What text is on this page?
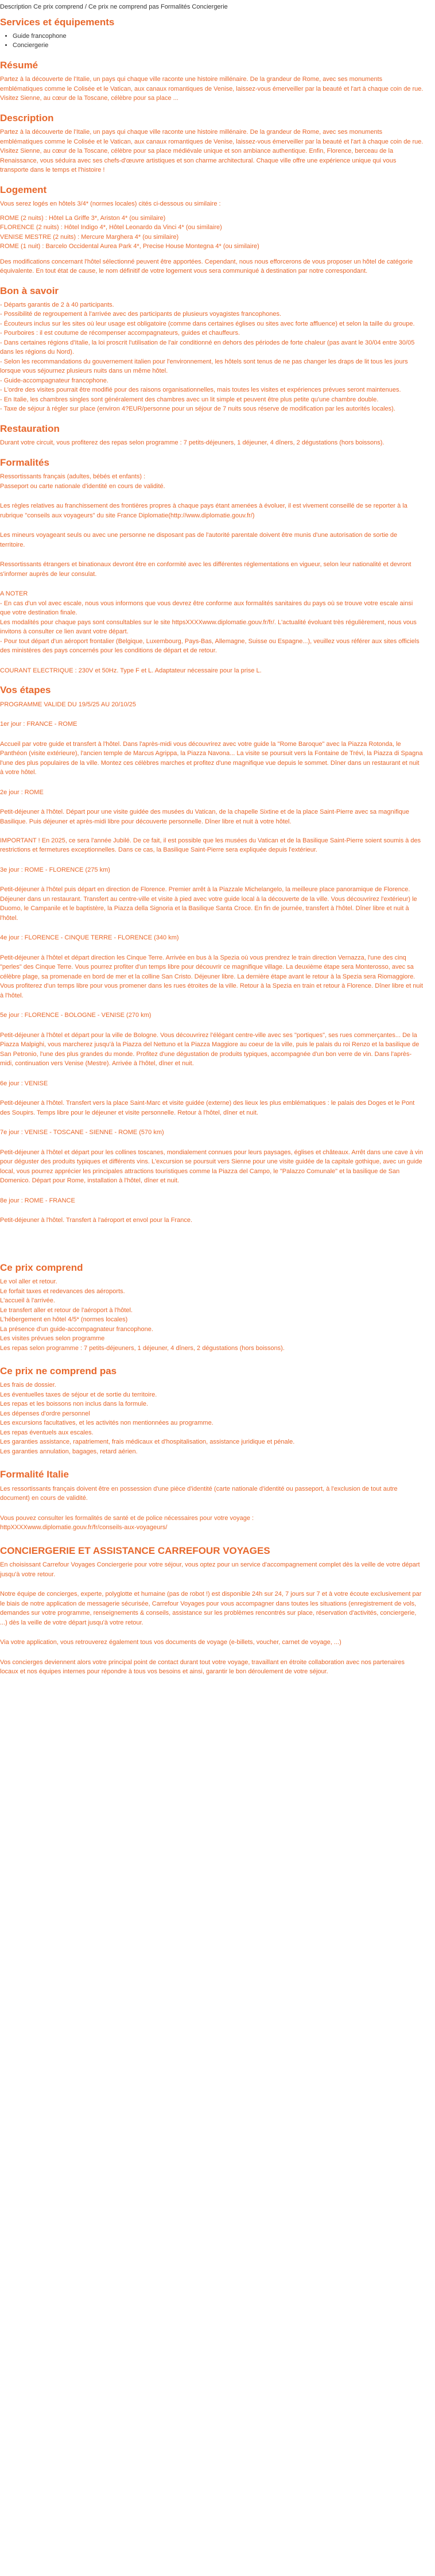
Description Ce prix comprend / Ce prix ne comprend pas Formalités Conciergerie
Services et équipements
• Guide francophone
• Conciergerie
Résumé

Partez à la découverte de l'Italie, un pays qui chaque ville raconte une histoire millénaire. De la grandeur de Rome, avec ses monuments emblématiques comme le Colisée et le Vatican, aux canaux romantiques de Venise, laissez-vous émerveiller par la beauté et l'art à chaque coin de rue. Visitez Sienne, au cœur de la Toscane, célèbre pour sa place ...

Description

Partez à la découverte de l'Italie, un pays qui chaque ville raconte une histoire millénaire. De la grandeur de Rome, avec ses monuments emblématiques comme le Colisée et le Vatican, aux canaux romantiques de Venise, laissez-vous émerveiller par la beauté et l'art à chaque coin de rue. Visitez Sienne, au cœur de la Toscane, célèbre pour sa place médiévale unique et son ambiance authentique. Enfin, Florence, berceau de la Renaissance, vous séduira avec ses chefs-d'œuvre artistiques et son charme architectural. Chaque ville offre une expérience unique qui vous transporte dans le temps et l'histoire !

Logement

Vous serez logés en hôtels 3/4* (normes locales) cités ci-dessous ou similaire :

ROME (2 nuits) : Hôtel La Griffe 3*, Ariston 4* (ou similaire)
FLORENCE (2 nuits) : Hôtel Indigo 4*, Hôtel Leonardo da Vinci 4* (ou similaire)
VENISE MESTRE (2 nuits) : Mercure Marghera 4* (ou similaire)
ROME (1 nuit) : Barcelo Occidental Aurea Park 4*, Precise House Montegna 4* (ou similaire)

Des modifications concernant l'hôtel sélectionné peuvent être apportées. Cependant, nous nous efforcerons de vous proposer un hôtel de catégorie équivalente. En tout état de cause, le nom définitif de votre logement vous sera communiqué à destination par notre correspondant.

Bon à savoir
- Départs garantis de 2 à 40 participants.
- Possibilité de regroupement à l'arrivée avec des participants de plusieurs voyagistes francophones.
- Écouteurs inclus sur les sites où leur usage est obligatoire (comme dans certaines églises ou sites avec forte affluence) et selon la taille du groupe.
- Pourboires : il est coutume de récompenser accompagnateurs, guides et chauffeurs.
- Dans certaines régions d'Italie, la loi proscrit l'utilisation de l'air conditionné en dehors des périodes de forte chaleur (pas avant le 30/04 entre 30/05 dans les régions du Nord).
- Selon les recommandations du gouvernement italien pour l'environnement, les hôtels sont tenus de ne pas changer les draps de lit tous les jours lorsque vous séjournez plusieurs nuits dans un même hôtel.
- Guide-accompagnateur francophone.
- L'ordre des visites pourrait être modifié pour des raisons organisationnelles, mais toutes les visites et expériences prévues seront maintenues.
- En Italie, les chambres singles sont généralement des chambres avec un lit simple et peuvent être plus petite qu'une chambre double.
- Taxe de séjour à régler sur place (environ 4?EUR/personne pour un séjour de 7 nuits sous réserve de modification par les autorités locales).
Restauration

Durant votre circuit, vous profiterez des repas selon programme : 7 petits-déjeuners, 1 déjeuner, 4 dîners, 2 dégustations (hors boissons).

Formalités

Ressortissants français (adultes, bébés et enfants) :
Passeport ou carte nationale d'identité en cours de validité.

Les règles relatives au franchissement des frontières propres à chaque pays étant amenées à évoluer, il est vivement conseillé de se reporter à la rubrique "conseils aux voyageurs" du site France Diplomatie(http://www.diplomatie.gouv.fr/)

Les mineurs voyageant seuls ou avec une personne ne disposant pas de l'autorité parentale doivent être munis d'une autorisation de sortie de territoire.

Ressortissants étrangers et binationaux devront être en conformité avec les différentes réglementations en vigueur, selon leur nationalité et devront s'informer auprès de leur consulat.

A NOTER
- En cas d'un vol avec escale, nous vous informons que vous devrez être conforme aux formalités sanitaires du pays où se trouve votre escale ainsi que votre destination finale.
Les modalités pour chaque pays sont consultables sur le site httpsXXXXwww.diplomatie.gouv.fr/fr/. L'actualité évoluant très régulièrement, nous vous invitons à consulter ce lien avant votre départ.
- Pour tout départ d'un aéroport frontalier (Belgique, Luxembourg, Pays-Bas, Allemagne, Suisse ou Espagne...), veuillez vous référer aux sites officiels des ministères des pays concernés pour les conditions de départ et de retour.

COURANT ELECTRIQUE : 230V et 50Hz. Type F et L. Adaptateur nécessaire pour la prise L.

Vos étapes

PROGRAMME VALIDE DU 19/5/25 AU 20/10/25

1er jour : FRANCE - ROME

Accueil par votre guide et transfert à l'hôtel. Dans l'après-midi vous découvrirez avec votre guide la "Rome Baroque" avec la Piazza Rotonda, le Panthéon (visite extérieure), l'ancien temple de Marcus Agrippa, la Piazza Navona... La visite se poursuit vers la Fontaine de Trévi, la Piazza di Spagna l'une des plus populaires de la ville. Montez ces célèbres marches et profitez d'une magnifique vue depuis le sommet. Dîner dans un restaurant et nuit à votre hôtel.

2e jour : ROME

Petit-déjeuner à l'hôtel. Départ pour une visite guidée des musées du Vatican, de la chapelle Sixtine et de la place Saint-Pierre avec sa magnifique Basilique. Puis déjeuner et après-midi libre pour découverte personnelle. Dîner libre et nuit à votre hôtel.

IMPORTANT ! En 2025, ce sera l'année Jubilé. De ce fait, il est possible que les musées du Vatican et de la Basilique Saint-Pierre soient soumis à des restrictions et fermetures exceptionnelles. Dans ce cas, la Basilique Saint-Pierre sera expliquée depuis l'extérieur.

3e jour : ROME - FLORENCE (275 km)

Petit-déjeuner à l'hôtel puis départ en direction de Florence. Premier arrêt à la Piazzale Michelangelo, la meilleure place panoramique de Florence. Déjeuner dans un restaurant. Transfert au centre-ville et visite à pied avec votre guide local à la découverte de la ville. Vous découvrirez l'extérieur) le Duomo, le Campanile et le baptistère, la Piazza della Signoria et la Basilique Santa Croce. En fin de journée, transfert à l'hôtel. Dîner libre et nuit à l'hôtel.

4e jour : FLORENCE - CINQUE TERRE - FLORENCE (340 km)

Petit-déjeuner à l'hôtel et départ direction les Cinque Terre. Arrivée en bus à la Spezia où vous prendrez le train direction Vernazza, l'une des cinq "perles" des Cinque Terre. Vous pourrez profiter d'un temps libre pour découvrir ce magnifique village. La deuxième étape sera Monterosso, avec sa célèbre plage, sa promenade en bord de mer et la colline San Cristo. Déjeuner libre. La dernière étape avant le retour à la Spezia sera Riomaggiore. Vous profiterez d'un temps libre pour vous promener dans les rues étroites de la ville. Retour à la Spezia en train et retour à Florence. Dîner libre et nuit à l'hôtel.

5e jour : FLORENCE - BOLOGNE - VENISE (270 km)

Petit-déjeuner à l'hôtel et départ pour la ville de Bologne. Vous découvrirez l'élégant centre-ville avec ses "portiques", ses rues commerçantes... De la Piazza Malpighi, vous marcherez jusqu'à la Piazza del Nettuno et la Piazza Maggiore au coeur de la ville, puis le palais du roi Renzo et la basilique de San Petronio, l'une des plus grandes du monde. Profitez d'une dégustation de produits typiques, accompagnée d'un bon verre de vin. Dans l'après-midi, continuation vers Venise (Mestre). Arrivée à l'hôtel, dîner et nuit.

6e jour : VENISE

Petit-déjeuner à l'hôtel. Transfert vers la place Saint-Marc et visite guidée (externe) des lieux les plus emblématiques : le palais des Doges et le Pont des Soupirs. Temps libre pour le déjeuner et visite personnelle. Retour à l'hôtel, dîner et nuit.

7e jour : VENISE - TOSCANE - SIENNE - ROME (570 km)

Petit-déjeuner à l'hôtel et départ pour les collines toscanes, mondialement connues pour leurs paysages, églises et châteaux. Arrêt dans une cave à vin pour déguster des produits typiques et différents vins. L'excursion se poursuit vers Sienne pour une visite guidée de la capitale gothique, avec un guide local, vous pourrez apprécier les principales attractions touristiques comme la Piazza del Campo, le "Palazzo Comunale" et la basilique de San Domenico. Départ pour Rome, installation à l'hôtel, dîner et nuit.

8e jour : ROME - FRANCE

Petit-déjeuner à l'hôtel. Transfert à l'aéroport et envol pour la France.

Ce prix comprend
Le vol aller et retour.
Le forfait taxes et redevances des aéroports.
L'accueil à l'arrivée.
Le transfert aller et retour de l'aéroport à l'hôtel.
L'hébergement en hôtel 4/5* (normes locales)
La présence d'un guide-accompagnateur francophone.
Les visites prévues selon programme
Les repas selon programme : 7 petits-déjeuners, 1 déjeuner, 4 dîners, 2 dégustations (hors boissons).
Ce prix ne comprend pas
Les frais de dossier.
Les éventuelles taxes de séjour et de sortie du territoire.
Les repas et les boissons non inclus dans la formule.
Les dépenses d'ordre personnel
Les excursions facultatives, et les activités non mentionnées au programme.
Les repas éventuels aux escales.
Les garanties assistance, rapatriement, frais médicaux et d'hospitalisation, assistance juridique et pénale.
Les garanties annulation, bagages, retard aérien.
Formalité Italie

Les ressortissants français doivent être en possession d'une pièce d'identité (carte nationale d'identité ou passeport, à l'exclusion de tout autre document) en cours de validité.

Vous pouvez consulter les formalités de santé et de police nécessaires pour votre voyage :
httpXXXXwww.diplomatie.gouv.fr/fr/conseils-aux-voyageurs/

CONCIERGERIE ET ASSISTANCE CARREFOUR VOYAGES

En choisissant Carrefour Voyages Conciergerie pour votre séjour, vous optez pour un service d'accompagnement complet dès la veille de votre départ jusqu'à votre retour.

Notre équipe de concierges, experte, polyglotte et humaine (pas de robot !) est disponible 24h sur 24, 7 jours sur 7 et à votre écoute exclusivement par le biais de notre application de messagerie sécurisée, Carrefour Voyages pour vous accompagner dans toutes les situations (enregistrement de vols, demandes sur votre programme, renseignements & conseils, assistance sur les problèmes rencontrés sur place, réservation d'activités, conciergerie, ...) dès la veille de votre départ jusqu'à votre retour.

Via votre application, vous retrouverez également tous vos documents de voyage (e-billets, voucher, carnet de voyage, ...)

Vos concierges deviennent alors votre principal point de contact durant tout votre voyage, travaillant en étroite collaboration avec nos partenaires locaux et nos équipes internes pour répondre à tous vos besoins et ainsi, garantir le bon déroulement de votre séjour.
